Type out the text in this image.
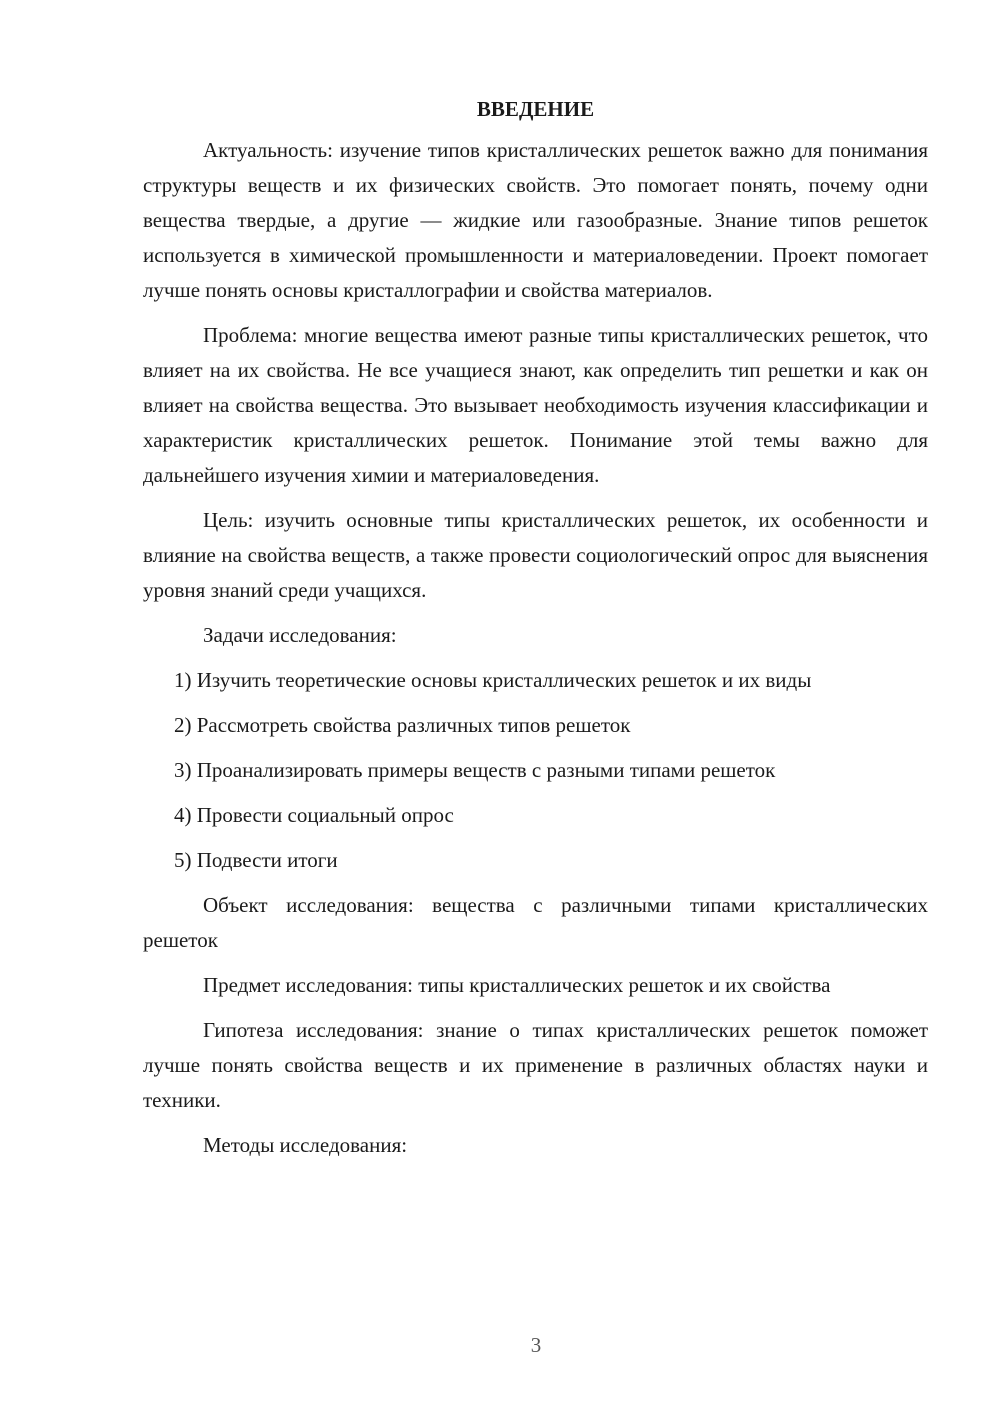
ВВЕДЕНИЕ

Актуальность: изучение типов кристаллических решеток важно для понимания структуры веществ и их физических свойств. Это помогает понять, почему одни вещества твердые, а другие — жидкие или газообразные. Знание типов решеток используется в химической промышленности и материаловедении. Проект помогает лучше понять основы кристаллографии и свойства материалов.

Проблема: многие вещества имеют разные типы кристаллических решеток, что влияет на их свойства. Не все учащиеся знают, как определить тип решетки и как он влияет на свойства вещества. Это вызывает необходимость изучения классификации и характеристик кристаллических решеток. Понимание этой темы важно для дальнейшего изучения химии и материаловедения.

Цель: изучить основные типы кристаллических решеток, их особенности и влияние на свойства веществ, а также провести социологический опрос для выяснения уровня знаний среди учащихся.

Задачи исследования:

1) Изучить теоретические основы кристаллических решеток и их виды
2) Рассмотреть свойства различных типов решеток
3) Проанализировать примеры веществ с разными типами решеток
4) Провести социальный опрос
5) Подвести итоги

Объект исследования: вещества с различными типами кристаллических решеток

Предмет исследования: типы кристаллических решеток и их свойства

Гипотеза исследования: знание о типах кристаллических решеток поможет лучше понять свойства веществ и их применение в различных областях науки и техники.

Методы исследования:

3
